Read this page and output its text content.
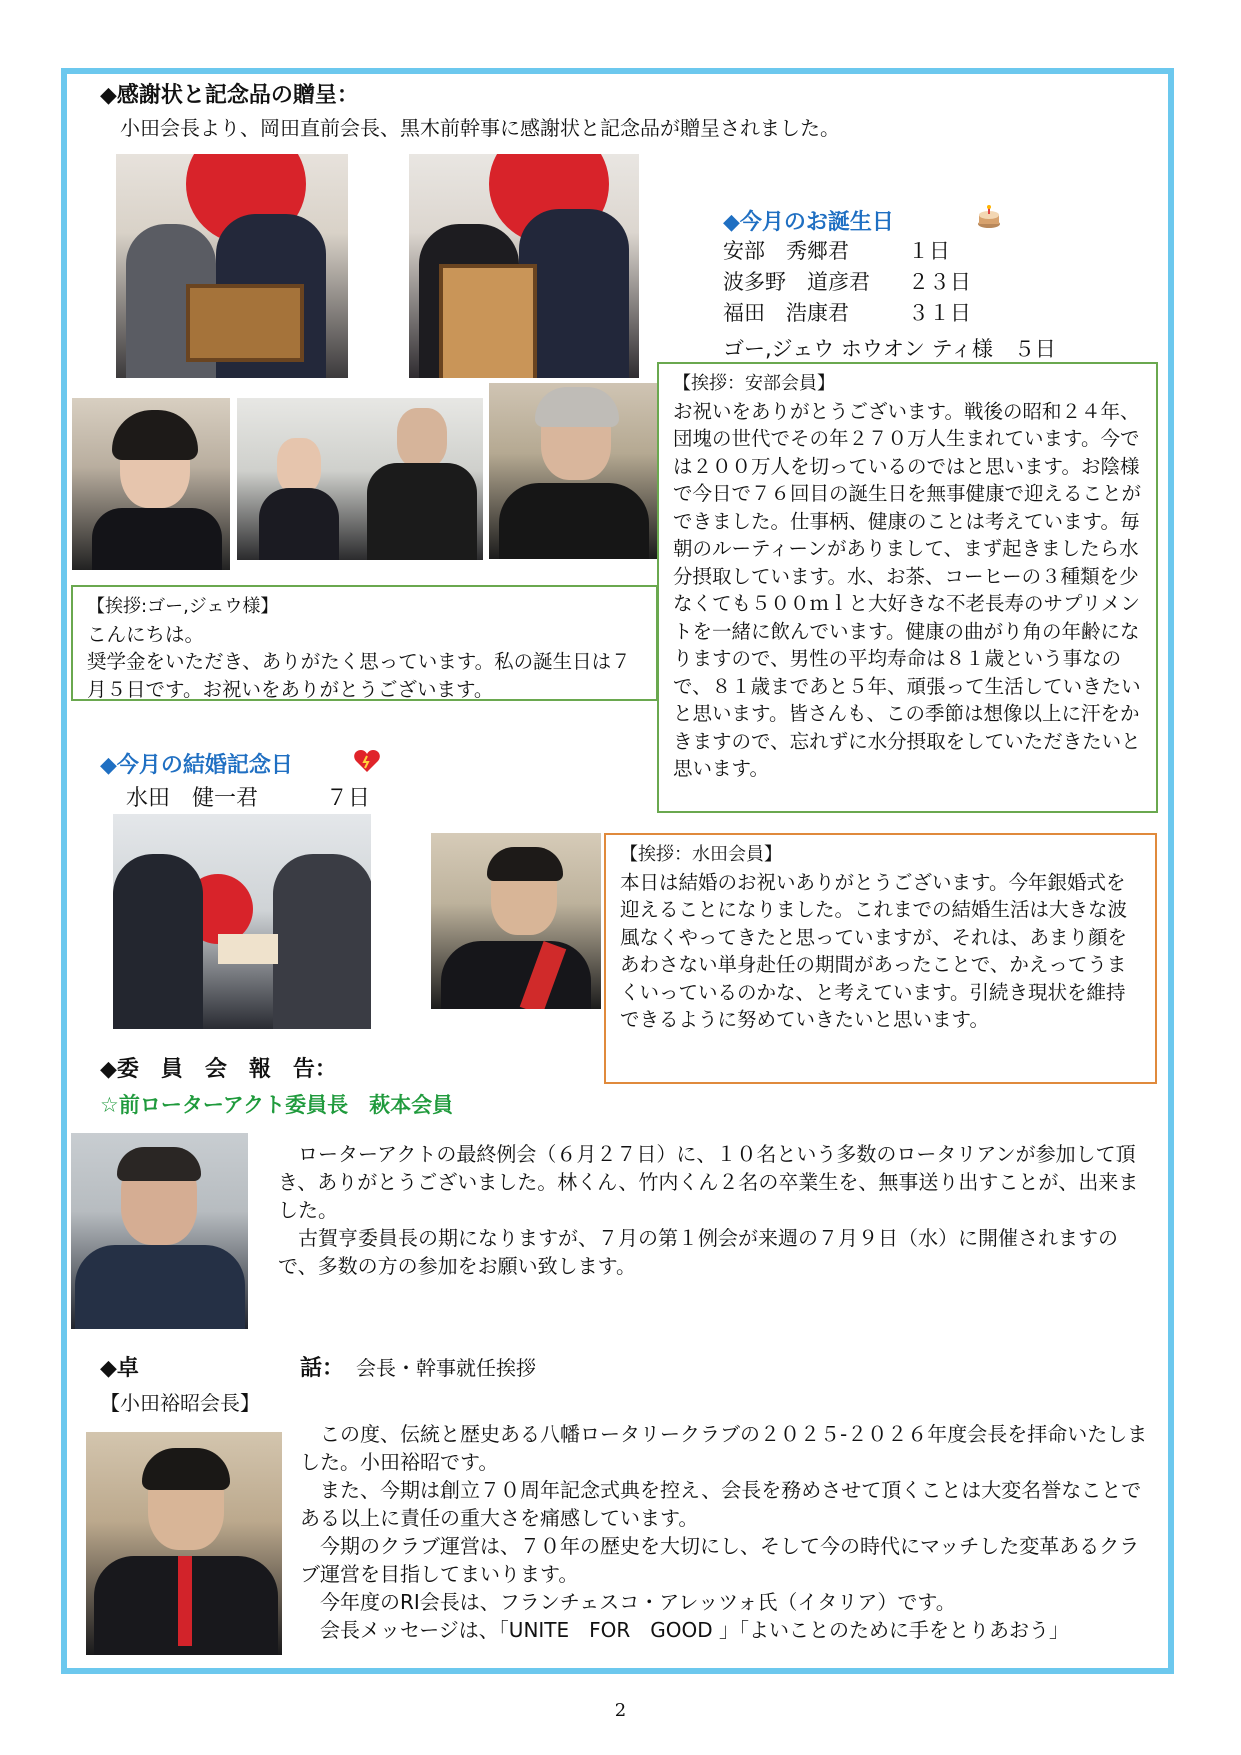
◆感謝状と記念品の贈呈：
小田会長より、岡田直前会長、黒木前幹事に感謝状と記念品が贈呈されました。
◆今月のお誕生日
安部　秀郷君	１日
波多野　道彦君	２３日
福田　浩康君	３１日
ゴー,ジェウ ホウオン ティ様　５日

【挨拶：安部会員】

お祝いをありがとうございます。戦後の昭和２４年、団塊の世代でその年２７０万人生まれています。今では２００万人を切っているのではと思います。お陰様で今日で７６回目の誕生日を無事健康で迎えることができました。仕事柄、健康のことは考えています。毎朝のルーティーンがありまして、まず起きましたら水分摂取しています。水、お茶、コーヒーの３種類を少なくても５００ｍｌと大好きな不老長寿のサプリメントを一緒に飲んでいます。健康の曲がり角の年齢になりますので、男性の平均寿命は８１歳という事なので、８１歳まであと５年、頑張って生活していきたいと思います。皆さんも、この季節は想像以上に汗をかきますので、忘れずに水分摂取をしていただきたいと思います。

【挨拶:ゴー,ジェウ様】

こんにちは。

奨学金をいただき、ありがたく思っています。私の誕生日は７月５日です。お祝いをありがとうございます。

◆今月の結婚記念日
水田　健一君	７日

【挨拶：水田会員】

本日は結婚のお祝いありがとうございます。今年銀婚式を迎えることになりました。これまでの結婚生活は大きな波風なくやってきたと思っていますが、それは、あまり顔をあわさない単身赴任の期間があったことで、かえってうまくいっているのかな、と考えています。引続き現状を維持できるように努めていきたいと思います。

◆委　員　会　報　告：
☆前ローターアクト委員長　萩本会員

ローターアクトの最終例会（６月２７日）に、１０名という多数のロータリアンが参加して頂き、ありがとうございました。林くん、竹内くん２名の卒業生を、無事送り出すことが、出来ました。

古賀亨委員長の期になりますが、７月の第１例会が来週の７月９日（水）に開催されますので、多数の方の参加をお願い致します。

◆卓	話： 会長・幹事就任挨拶
【小田裕昭会長】

この度、伝統と歴史ある八幡ロータリークラブの２０２５-２０２６年度会長を拝命いたしました。小田裕昭です。

また、今期は創立７０周年記念式典を控え、会長を務めさせて頂くことは大変名誉なことである以上に責任の重大さを痛感しています。

今期のクラブ運営は、７０年の歴史を大切にし、そして今の時代にマッチした変革あるクラブ運営を目指してまいります。

今年度のRI会長は、フランチェスコ・アレッツォ氏（イタリア）です。

会長メッセージは、「UNITE　FOR　GOOD 」「よいことのために手をとりあおう」

2
